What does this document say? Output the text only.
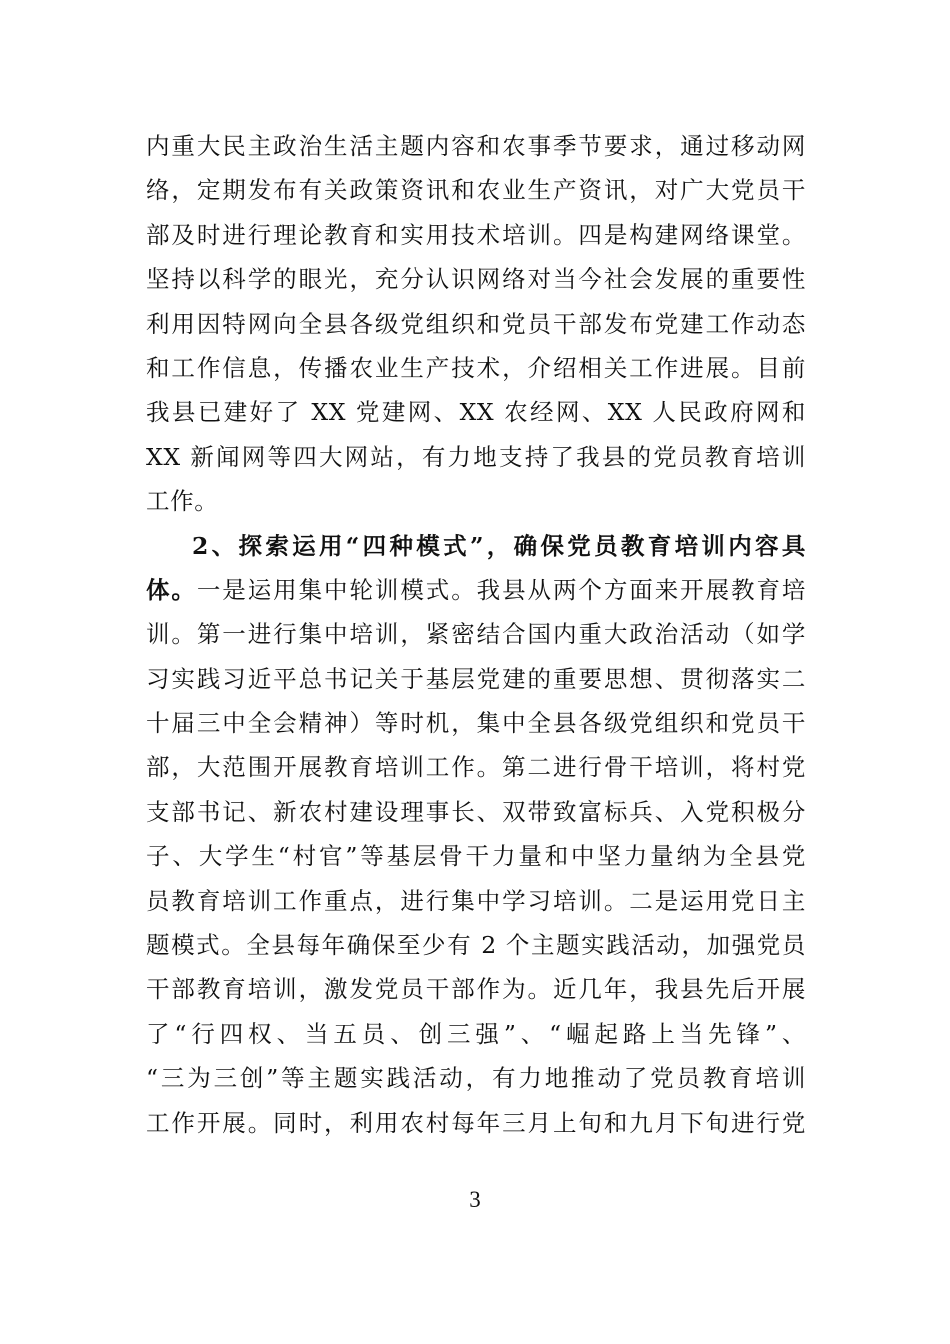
内重大民主政治生活主题内容和农事季节要求，通过移动网
络，定期发布有关政策资讯和农业生产资讯，对广大党员干
部及时进行理论教育和实用技术培训。四是构建网络课堂。
坚持以科学的眼光，充分认识网络对当今社会发展的重要性
利用因特网向全县各级党组织和党员干部发布党建工作动态
和工作信息，传播农业生产技术，介绍相关工作进展。目前
我县已建好了 XX 党建网、XX 农经网、XX 人民政府网和
XX 新闻网等四大网站，有力地支持了我县的党员教育培训
工作。
2、探索运用“四种模式”，确保党员教育培训内容具
体。一是运用集中轮训模式。我县从两个方面来开展教育培
训。第一进行集中培训，紧密结合国内重大政治活动（如学
习实践习近平总书记关于基层党建的重要思想、贯彻落实二
十届三中全会精神）等时机，集中全县各级党组织和党员干
部，大范围开展教育培训工作。第二进行骨干培训，将村党
支部书记、新农村建设理事长、双带致富标兵、入党积极分
子、大学生“村官”等基层骨干力量和中坚力量纳为全县党
员教育培训工作重点，进行集中学习培训。二是运用党日主
题模式。全县每年确保至少有 2 个主题实践活动，加强党员
干部教育培训，激发党员干部作为。近几年，我县先后开展
了“行四权、当五员、创三强”、“崛起路上当先锋”、
“三为三创”等主题实践活动，有力地推动了党员教育培训
工作开展。同时，利用农村每年三月上旬和九月下旬进行党
3
